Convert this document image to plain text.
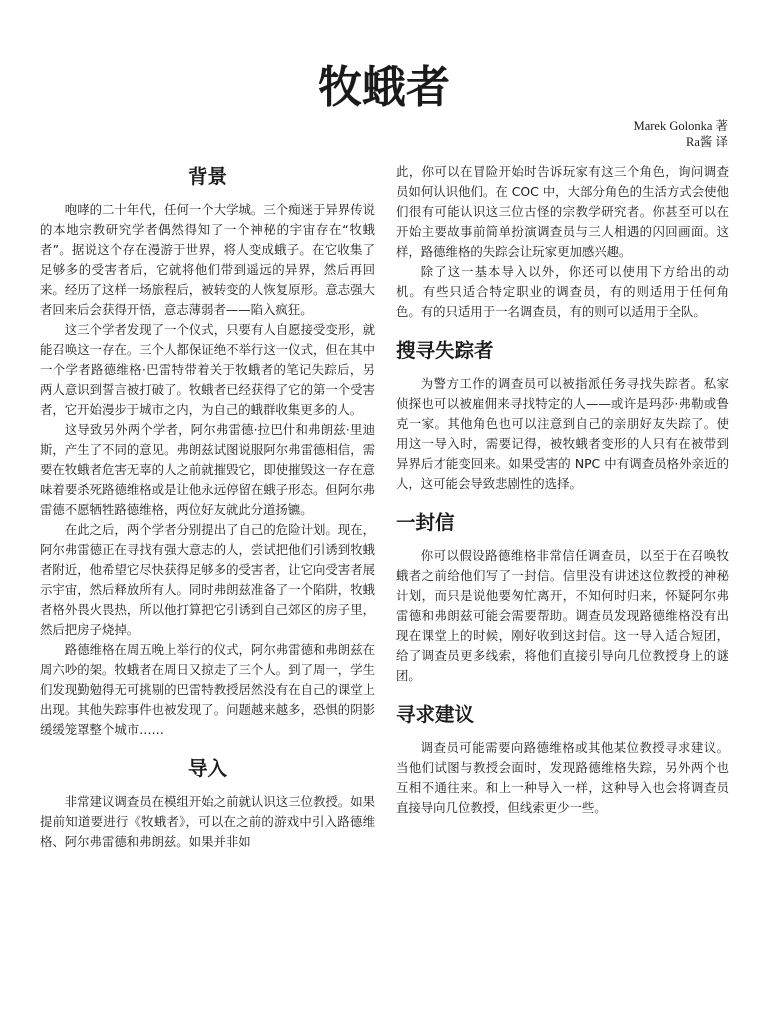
牧蛾者
Marek Golonka 著
Ra酱 译
背景

咆哮的二十年代，任何一个大学城。三个痴迷于异界传说的本地宗教研究学者偶然得知了一个神秘的宇宙存在“牧蛾者”。据说这个存在漫游于世界，将人变成蛾子。在它收集了足够多的受害者后，它就将他们带到遥远的异界，然后再回来。经历了这样一场旅程后，被转变的人恢复原形。意志强大者回来后会获得开悟，意志薄弱者——陷入疯狂。

这三个学者发现了一个仪式，只要有人自愿接受变形，就能召唤这一存在。三个人都保证绝不举行这一仪式，但在其中一个学者路德维格·巴雷特带着关于牧蛾者的笔记失踪后，另两人意识到誓言被打破了。牧蛾者已经获得了它的第一个受害者，它开始漫步于城市之内，为自己的蛾群收集更多的人。

这导致另外两个学者，阿尔弗雷德·拉巴什和弗朗兹·里迪斯，产生了不同的意见。弗朗兹试图说服阿尔弗雷德相信，需要在牧蛾者危害无辜的人之前就摧毁它，即使摧毁这一存在意味着要杀死路德维格或是让他永远停留在蛾子形态。但阿尔弗雷德不愿牺牲路德维格，两位好友就此分道扬镳。

在此之后，两个学者分别提出了自己的危险计划。现在，阿尔弗雷德正在寻找有强大意志的人，尝试把他们引诱到牧蛾者附近，他希望它尽快获得足够多的受害者，让它向受害者展示宇宙，然后释放所有人。同时弗朗兹准备了一个陷阱，牧蛾者格外畏火畏热，所以他打算把它引诱到自己郊区的房子里，然后把房子烧掉。

路德维格在周五晚上举行的仪式，阿尔弗雷德和弗朗兹在周六吵的架。牧蛾者在周日又掠走了三个人。到了周一，学生们发现勤勉得无可挑剔的巴雷特教授居然没有在自己的课堂上出现。其他失踪事件也被发现了。问题越来越多，恐惧的阴影缓缓笼罩整个城市……

导入

非常建议调查员在模组开始之前就认识这三位教授。如果提前知道要进行《牧蛾者》，可以在之前的游戏中引入路德维格、阿尔弗雷德和弗朗兹。如果并非如

此，你可以在冒险开始时告诉玩家有这三个角色，询问调查员如何认识他们。在 COC 中，大部分角色的生活方式会使他们很有可能认识这三位古怪的宗教学研究者。你甚至可以在开始主要故事前简单扮演调查员与三人相遇的闪回画面。这样，路德维格的失踪会让玩家更加感兴趣。

除了这一基本导入以外，你还可以使用下方给出的动机。有些只适合特定职业的调查员，有的则适用于任何角色。有的只适用于一名调查员，有的则可以适用于全队。

搜寻失踪者

为警方工作的调查员可以被指派任务寻找失踪者。私家侦探也可以被雇佣来寻找特定的人——或许是玛莎·弗勒或鲁克一家。其他角色也可以注意到自己的亲朋好友失踪了。使用这一导入时，需要记得，被牧蛾者变形的人只有在被带到异界后才能变回来。如果受害的 NPC 中有调查员格外亲近的人，这可能会导致悲剧性的选择。

一封信

你可以假设路德维格非常信任调查员，以至于在召唤牧蛾者之前给他们写了一封信。信里没有讲述这位教授的神秘计划，而只是说他要匆忙离开，不知何时归来，怀疑阿尔弗雷德和弗朗兹可能会需要帮助。调查员发现路德维格没有出现在课堂上的时候，刚好收到这封信。这一导入适合短团，给了调查员更多线索，将他们直接引导向几位教授身上的谜团。

寻求建议

调查员可能需要向路德维格或其他某位教授寻求建议。当他们试图与教授会面时，发现路德维格失踪，另外两个也互相不通往来。和上一种导入一样，这种导入也会将调查员直接导向几位教授，但线索更少一些。
